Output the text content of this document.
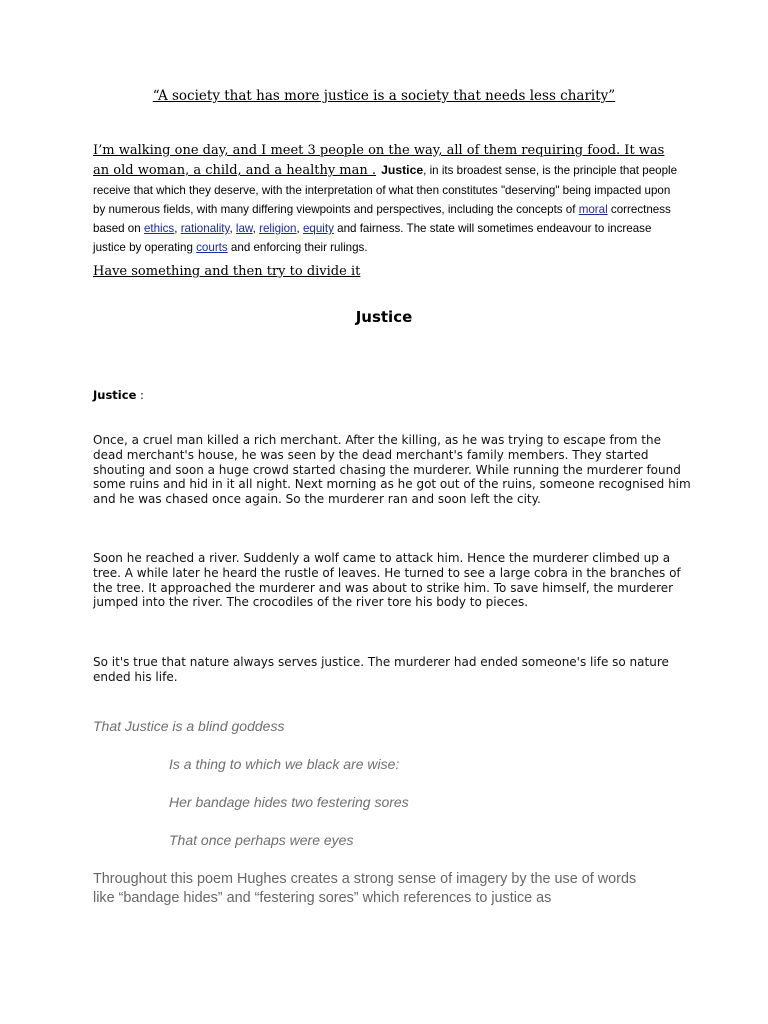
“A society that has more justice is a society that needs less charity”
I’m walking one day, and I meet 3 people on the way, all of them requiring food. It was an old woman, a child, and a healthy man . Justice, in its broadest sense, is the principle that people receive that which they deserve, with the interpretation of what then constitutes "deserving" being impacted upon by numerous fields, with many differing viewpoints and perspectives, including the concepts of moral correctness based on ethics, rationality, law, religion, equity and fairness. The state will sometimes endeavour to increase justice by operating courts and enforcing their rulings.
Have something and then try to divide it
Justice
Justice :
Once, a cruel man killed a rich merchant. After the killing, as he was trying to escape from the dead merchant's house, he was seen by the dead merchant's family members. They started shouting and soon a huge crowd started chasing the murderer. While running the murderer found some ruins and hid in it all night. Next morning as he got out of the ruins, someone recognised him and he was chased once again. So the murderer ran and soon left the city.
Soon he reached a river. Suddenly a wolf came to attack him. Hence the murderer climbed up a tree. A while later he heard the rustle of leaves. He turned to see a large cobra in the branches of the tree. It approached the murderer and was about to strike him. To save himself, the murderer jumped into the river. The crocodiles of the river tore his body to pieces.
So it's true that nature always serves justice. The murderer had ended someone's life so nature ended his life.
That Justice is a blind goddess
Is a thing to which we black are wise:
Her bandage hides two festering sores
That once perhaps were eyes
Throughout this poem Hughes creates a strong sense of imagery by the use of words like “bandage hides” and “festering sores” which references to justice as
